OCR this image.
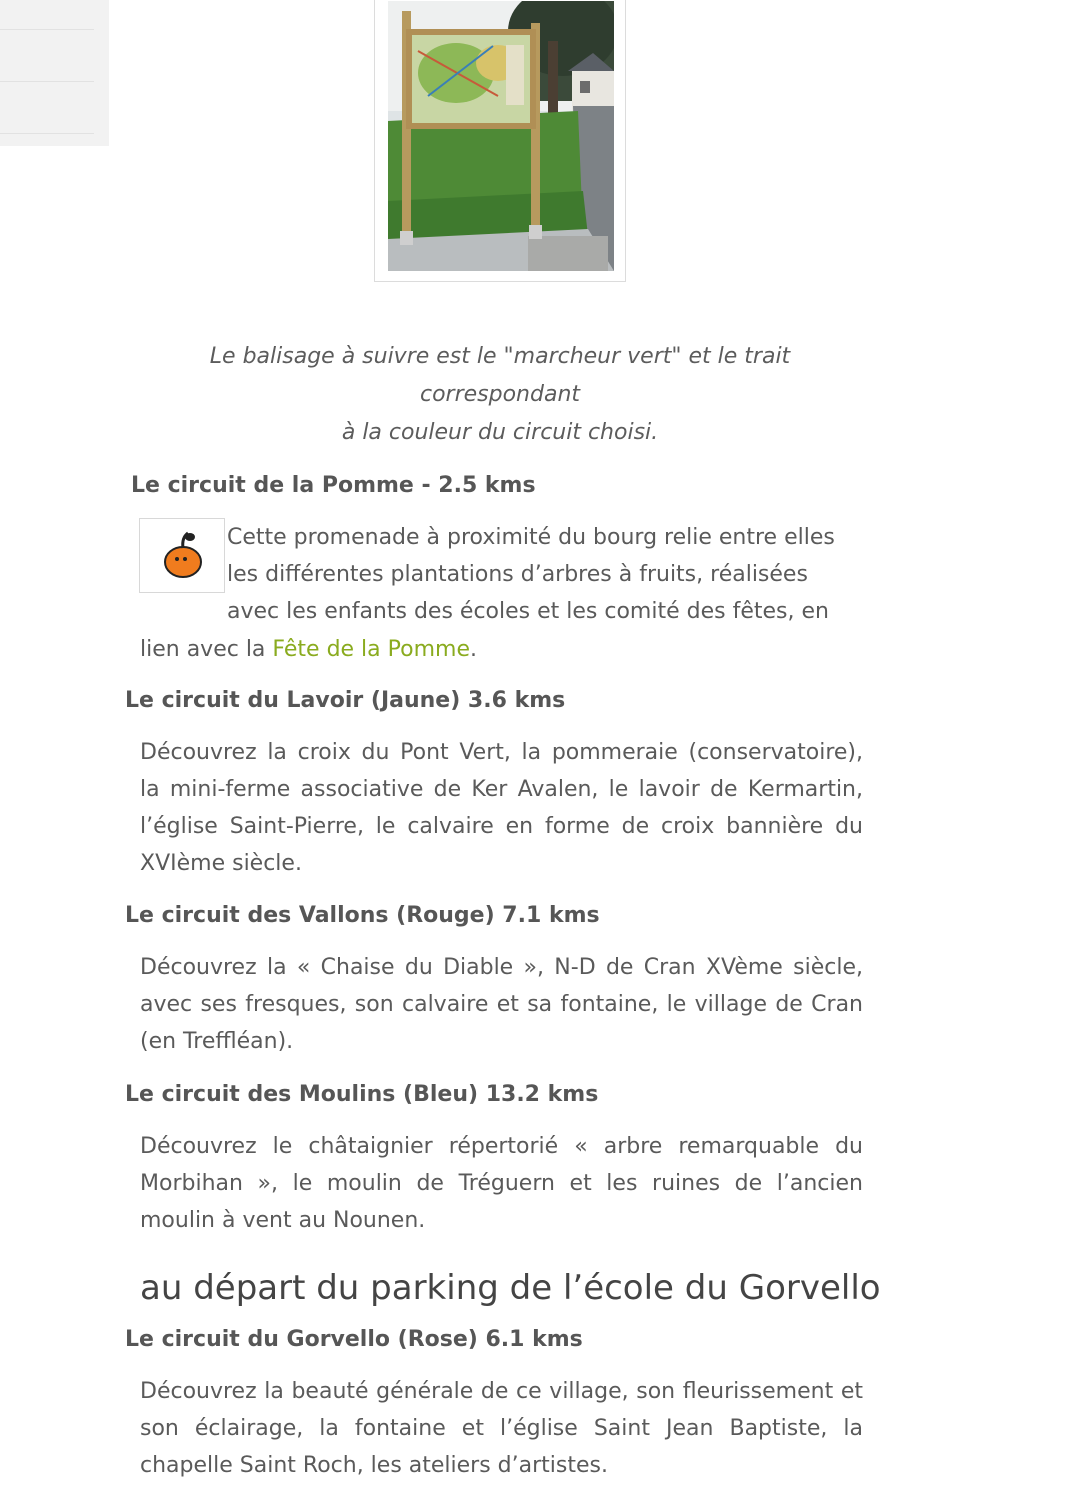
Le balisage à suivre est le "marcheur vert" et le trait
correspondant
à la couleur du circuit choisi.
Le circuit de la Pomme - 2.5 kms
Cette promenade à proximité du bourg relie entre elles
les différentes plantations d’arbres à fruits, réalisées
avec les enfants des écoles et les comité des fêtes, en
lien avec la Fête de la Pomme.
Le circuit du Lavoir (Jaune) 3.6 kms
Découvrez la croix du Pont Vert, la pommeraie (conservatoire),
la mini-ferme associative de Ker Avalen, le lavoir de Kermartin,
l’église Saint-Pierre, le calvaire en forme de croix bannière du
XVIème siècle.
Le circuit des Vallons (Rouge) 7.1 kms
Découvrez la « Chaise du Diable », N-D de Cran XVème siècle,
avec ses fresques, son calvaire et sa fontaine, le village de Cran
(en Treffléan).
Le circuit des Moulins (Bleu) 13.2 kms
Découvrez le châtaignier répertorié « arbre remarquable du
Morbihan », le moulin de Tréguern et les ruines de l’ancien
moulin à vent au Nounen.
au départ du parking de l’école du Gorvello
Le circuit du Gorvello (Rose) 6.1 kms
Découvrez la beauté générale de ce village, son fleurissement et
son éclairage, la fontaine et l’église Saint Jean Baptiste, la
chapelle Saint Roch, les ateliers d’artistes.
